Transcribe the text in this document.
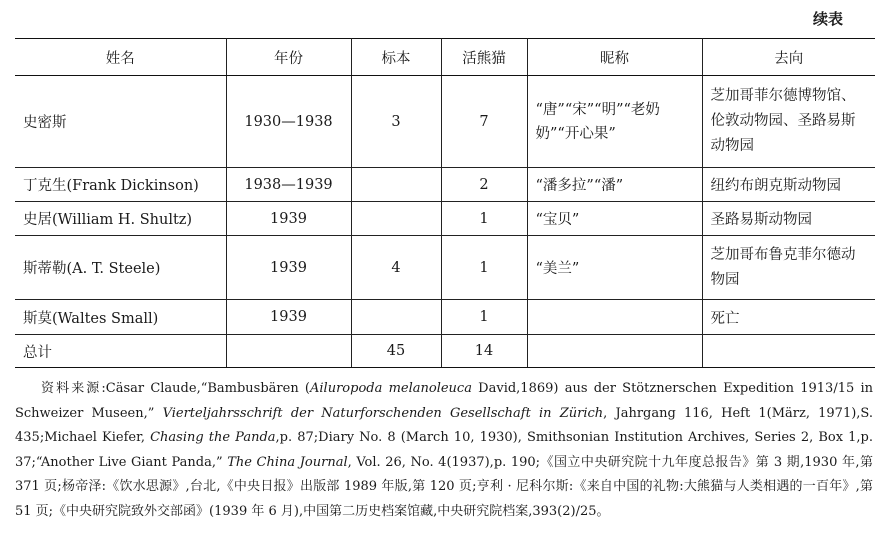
续表
姓名	年份	标本	活熊猫	昵称	去向
史密斯	1930—1938	3	7	“唐”“宋”“明”“老奶奶”“开心果”	芝加哥菲尔德博物馆、伦敦动物园、圣路易斯动物园
丁克生(Frank Dickinson)	1938—1939		2	“潘多拉”“潘”	纽约布朗克斯动物园
史居(William H. Shultz)	1939		1	“宝贝”	圣路易斯动物园
斯蒂勒(A. T. Steele)	1939	4	1	“美兰”	芝加哥布鲁克菲尔德动物园
斯莫(Waltes Small)	1939		1		死亡
总计		45	14		

资料来源:Cäsar Claude,“Bambusbären (Ailuropoda melanoleuca David,1869) aus der Stötznerschen Expedition 1913/15 in Schweizer Museen,” Vierteljahrsschrift der Naturforschenden Gesellschaft in Zürich, Jahrgang 116, Heft 1(März, 1971),S. 435;Michael Kiefer, Chasing the Panda,p. 87;Diary No. 8 (March 10, 1930), Smithsonian Institution Archives, Series 2, Box 1,p. 37;“Another Live Giant Panda,” The China Journal, Vol. 26, No. 4(1937),p. 190;《国立中央研究院十九年度总报告》第 3 期,1930 年,第 371 页;杨帝泽:《饮水思源》,台北,《中央日报》出版部 1989 年版,第 120 页;亨利 · 尼科尔斯:《来自中国的礼物:大熊猫与人类相遇的一百年》,第 51 页;《中央研究院致外交部函》(1939 年 6 月),中国第二历史档案馆藏,中央研究院档案,393(2)/25。
